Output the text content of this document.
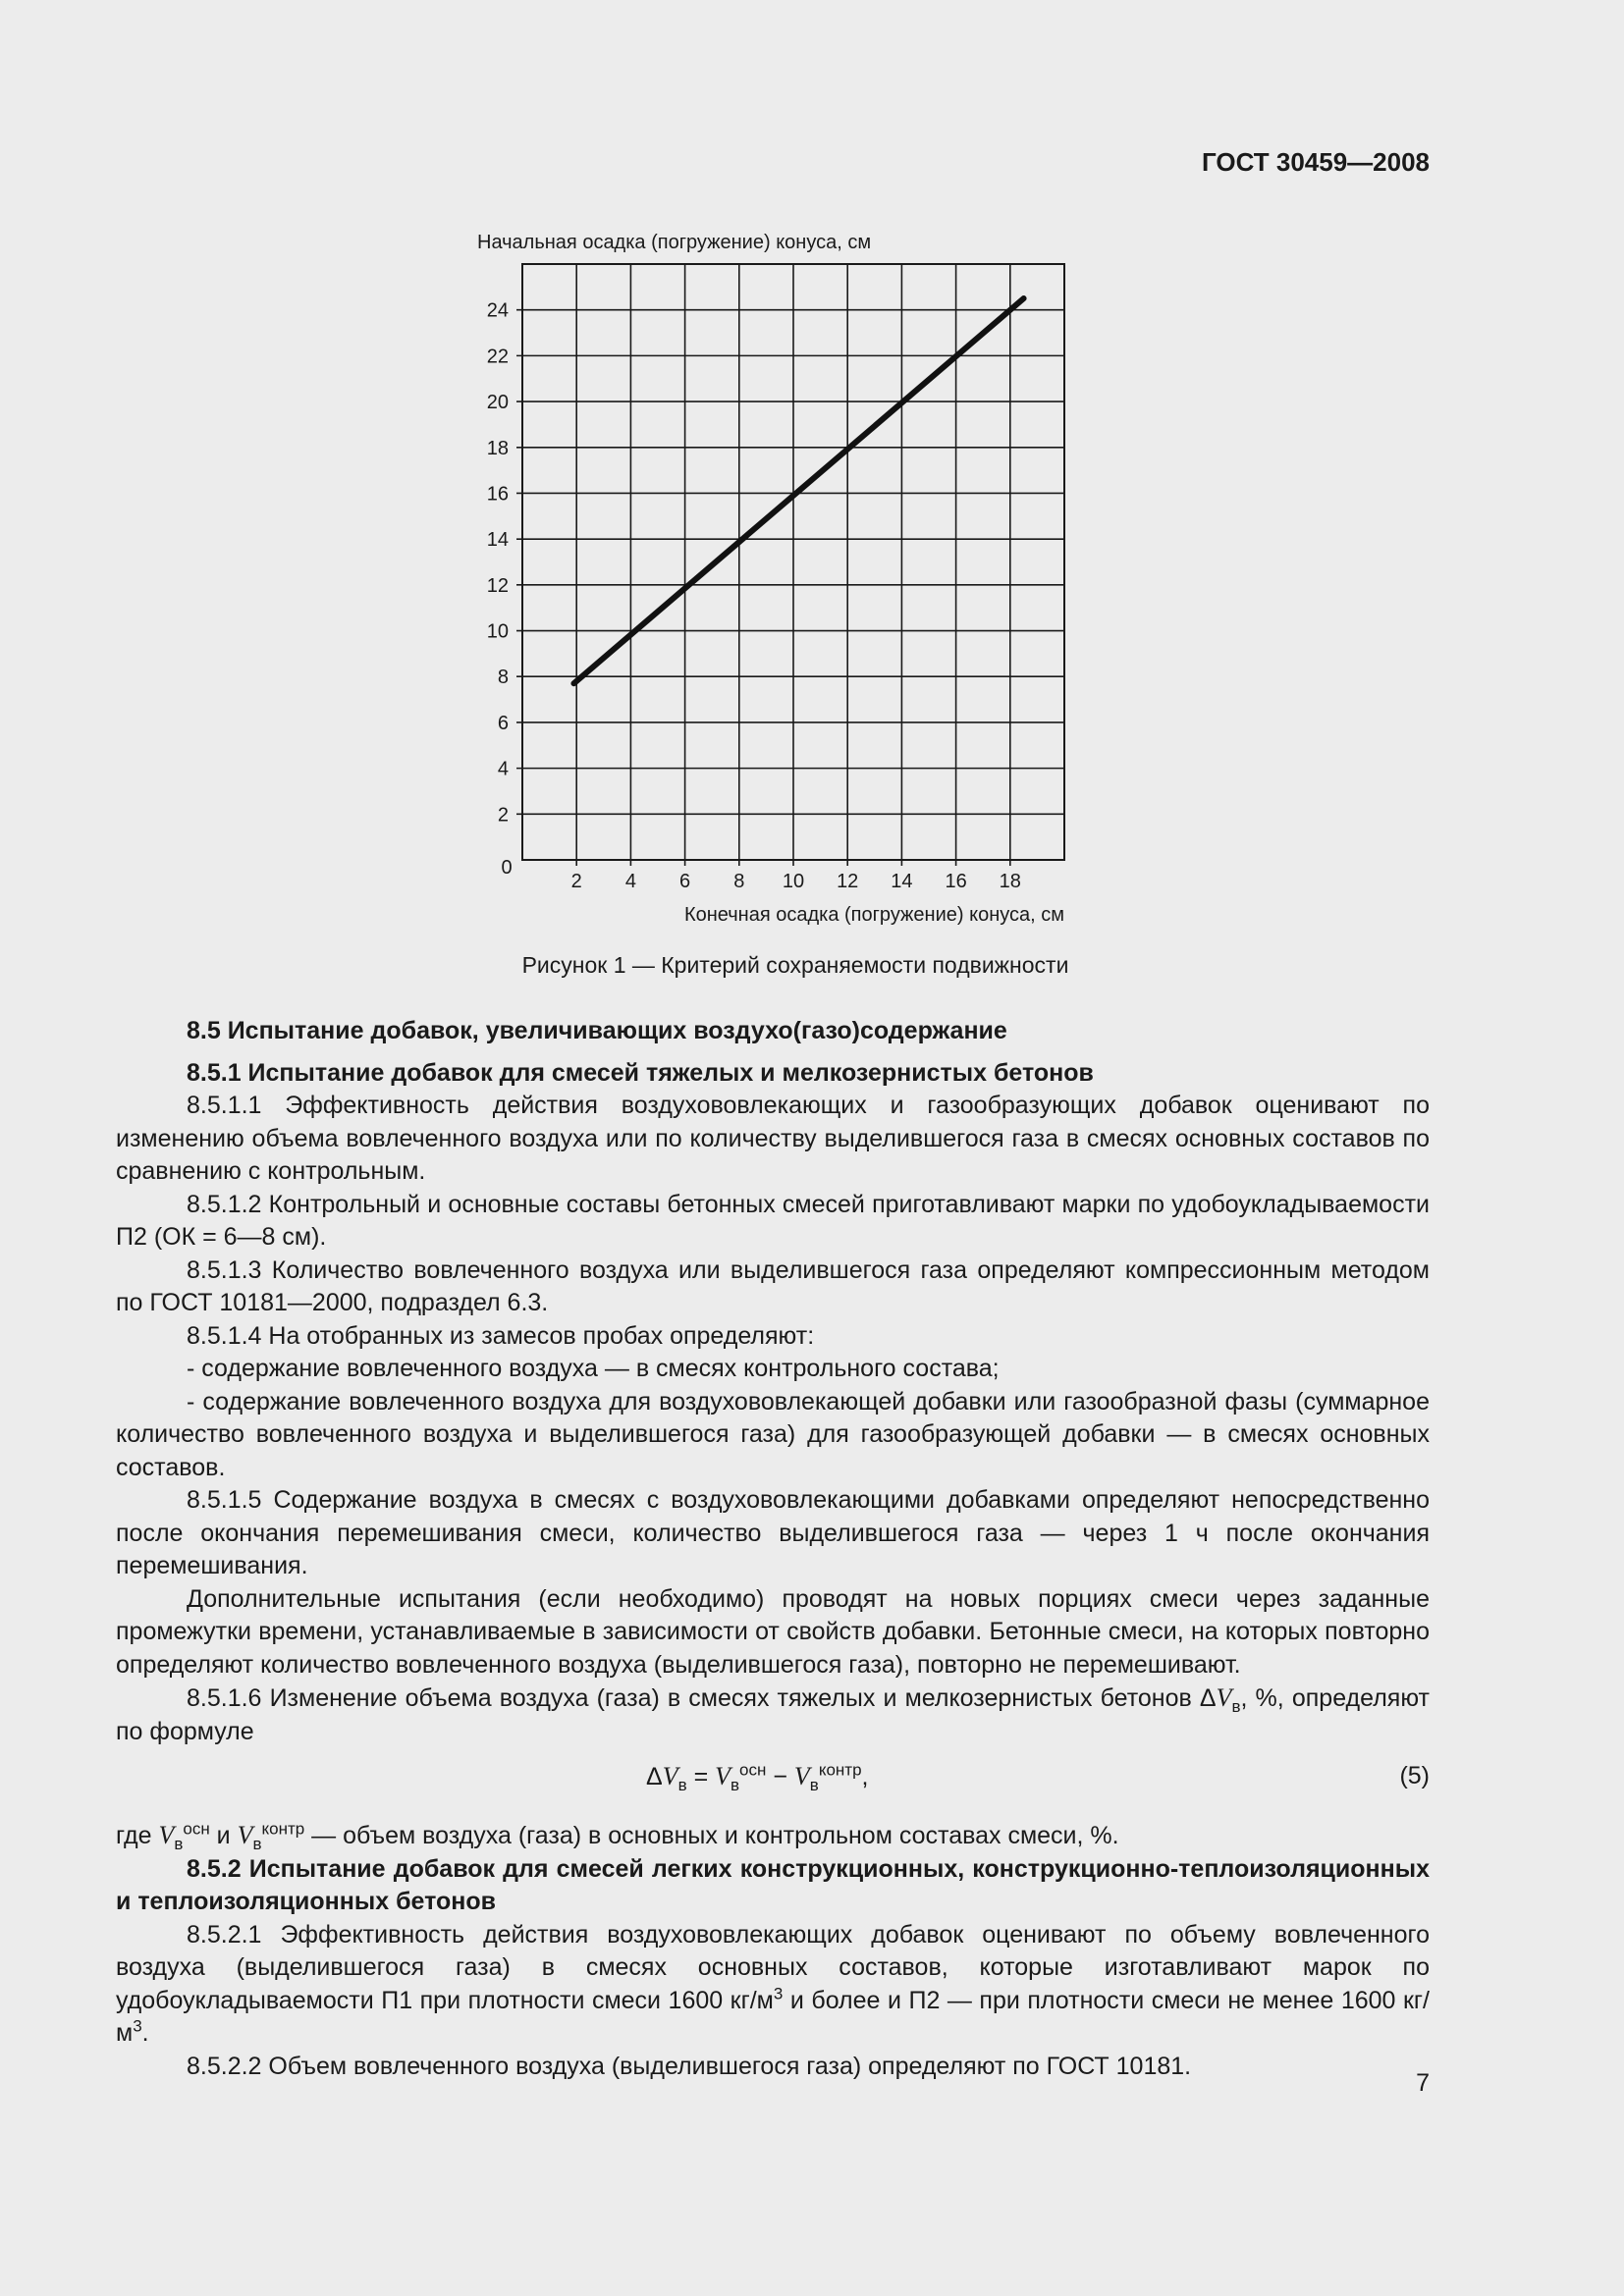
ГОСТ 30459—2008
Начальная осадка (погружение) конуса, см
2 4 6 8 10 12 14 16 18
2
4
6
8
10
12
14
16
18
20
22
24
0
Конечная осадка (погружение) конуса, см
Рисунок 1 — Критерий сохраняемости подвижности

8.5 Испытание добавок, увеличивающих воздухо(газо)содержание

8.5.1 Испытание добавок для смесей тяжелых и мелкозернистых бетонов

8.5.1.1 Эффективность действия воздухововлекающих и газообразующих добавок оценивают по изменению объема вовлеченного воздуха или по количеству выделившегося газа в смесях основных составов по сравнению с контрольным.

8.5.1.2 Контрольный и основные составы бетонных смесей приготавливают марки по удобоукладываемости П2 (ОК = 6—8 см).

8.5.1.3 Количество вовлеченного воздуха или выделившегося газа определяют компрессионным методом по ГОСТ 10181—2000, подраздел 6.3.

8.5.1.4 На отобранных из замесов пробах определяют:

- содержание вовлеченного воздуха — в смесях контрольного состава;

- содержание вовлеченного воздуха для воздухововлекающей добавки или газообразной фазы (суммарное количество вовлеченного воздуха и выделившегося газа) для газообразующей добавки — в смесях основных составов.

8.5.1.5 Содержание воздуха в смесях с воздухововлекающими добавками определяют непосредственно после окончания перемешивания смеси, количество выделившегося газа — через 1 ч после окончания перемешивания.

Дополнительные испытания (если необходимо) проводят на новых порциях смеси через заданные промежутки времени, устанавливаемые в зависимости от свойств добавки. Бетонные смеси, на которых повторно определяют количество вовлеченного воздуха (выделившегося газа), повторно не перемешивают.

8.5.1.6 Изменение объема воздуха (газа) в смесях тяжелых и мелкозернистых бетонов $\Delta V_в$, %, определяют по формуле

$\Delta V_в = V_в^{осн} - V_в^{контр}$,	(5)

где $V_в^{осн}$ и $V_в^{контр}$ — объем воздуха (газа) в основных и контрольном составах смеси, %.

8.5.2 Испытание добавок для смесей легких конструкционных, конструкционно-теплоизоляционных и теплоизоляционных бетонов

8.5.2.1 Эффективность действия воздухововлекающих добавок оценивают по объему вовлеченного воздуха (выделившегося газа) в смесях основных составов, которые изготавливают марок по удобоукладываемости П1 при плотности смеси 1600 $кг/м^3$ и более и П2 — при плотности смеси не менее 1600 $кг/м^3$.

8.5.2.2 Объем вовлеченного воздуха (выделившегося газа) определяют по ГОСТ 10181.

7
